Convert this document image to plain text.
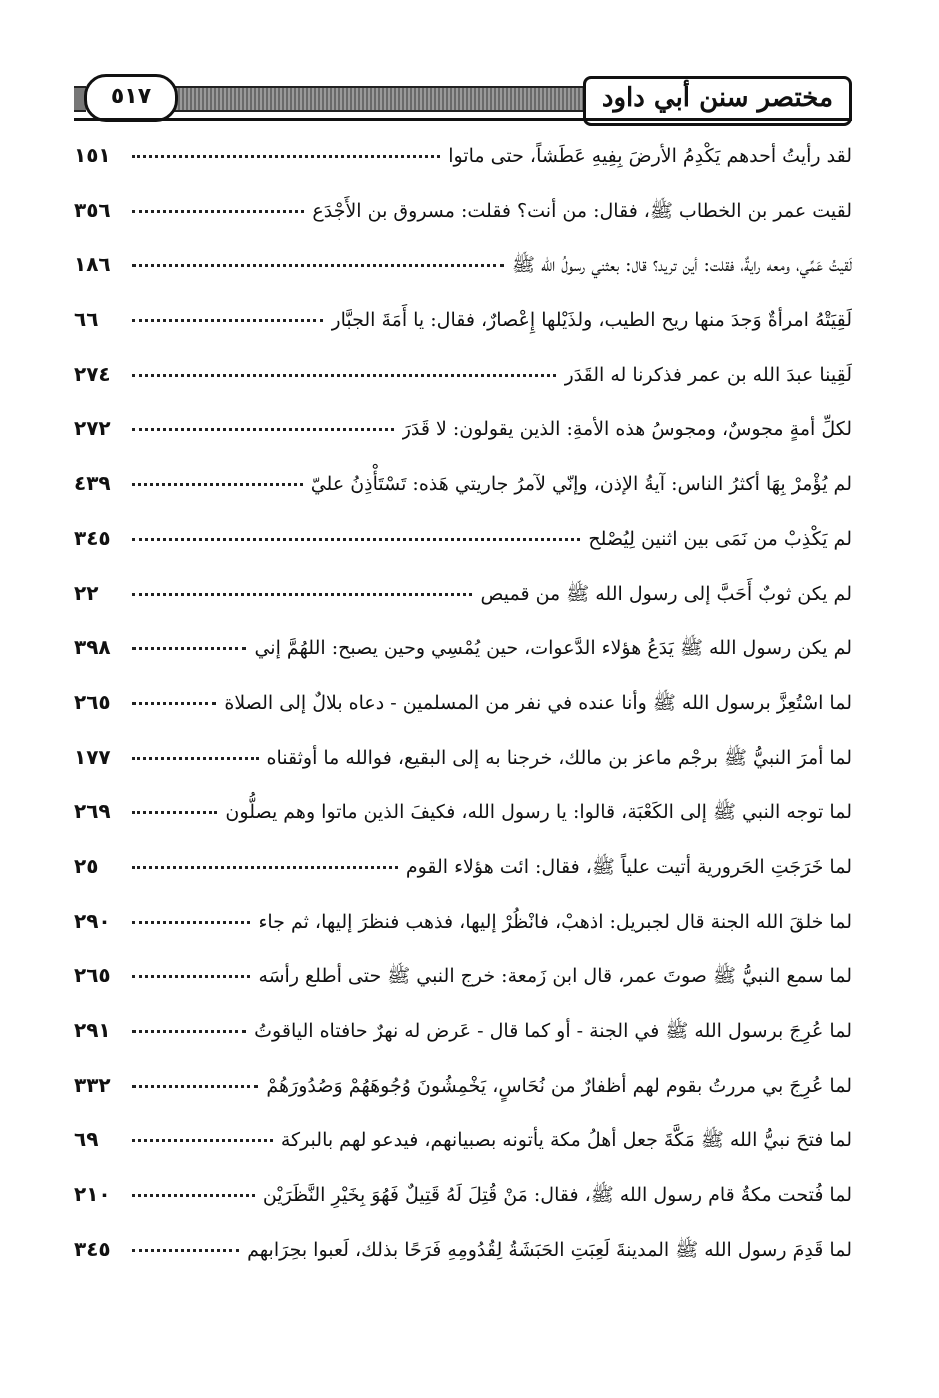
٥١٧	مختصر سنن أبي داود
لقد رأيتُ أحدهم يَكْدِمُ الأرضَ بِفِيهِ عَطَشاً، حتى ماتوا
١٥١
لقيت عمر بن الخطاب ﷺ، فقال: من أنت؟ فقلت: مسروق بن الأَجْدَع
٣٥٦
لَقيتُ عَمِّي، ومعه رايةٌ، فقلت: أين تريد؟ قال: بعثني رسولُ الله ﷺ
١٨٦
لَقِيَتْهُ امرأةٌ وَجدَ منها ريح الطيب، ولذَيْلها إِعْصارٌ، فقال: يا أَمَةَ الجبَّار
٦٦
لَقِينا عبدَ الله بن عمر فذكرنا له القَدَر
٢٧٤
لكلِّ أمةٍ مجوسٌ، ومجوسُ هذه الأمةِ: الذين يقولون: لا قَدَرَ
٢٧٢
لم يُؤْمرْ بِهَا أكثرُ الناس: آيةُ الإذن، وإنّي لآمرُ جاريتي هَذه: تَسْتَأْذِنُ عليّ
٤٣٩
لم يَكْذِبْ من نَمَى بين اثنين لِيُصْلح
٣٤٥
لم يكن ثوبٌ أَحَبَّ إلى رسول الله ﷺ من قميص
٢٢
لم يكن رسول الله ﷺ يَدَعُ هؤلاء الدَّعوات، حين يُمْسِي وحين يصبح: اللهُمَّ إني
٣٩٨
لما اسْتُعِزَّ برسول الله ﷺ وأنا عنده في نفر من المسلمين - دعاه بلالٌ إلى الصلاة
٢٦٥
لما أمرَ النبيُّ ﷺ برجْم ماعز بن مالك، خرجنا به إلى البقيع، فوالله ما أوثقناه
١٧٧
لما توجه النبي ﷺ إلى الكَعْبَة، قالوا: يا رسول الله، فكيفَ الذين ماتوا وهم يصلُّون
٢٦٩
لما خَرَجَتِ الحَرورية أتيت علياً ﷺ، فقال: ائت هؤلاء القوم
٢٥
لما خلقَ الله الجنة قال لجبريل: اذهبْ، فانْظُرْ إليها، فذهب فنظرَ إليها، ثم جاء
٢٩٠
لما سمع النبيُّ ﷺ صوتَ عمر، قال ابن زَمعة: خرج النبي ﷺ حتى أطلع رأسَه
٢٦٥
لما عُرِجَ برسول الله ﷺ في الجنة - أو كما قال - عَرض له نهرٌ حافتاه الياقوتُ
٢٩١
لما عُرِجَ بي مررتُ بقوم لهم أظفارٌ من نُحَاسٍ، يَخْمِشُونَ وُجُوهَهُمْ وَصُدُورَهُمْ
٣٣٢
لما فتحَ نبيُّ الله ﷺ مَكَّةَ جعل أهلُ مكة يأتونه بصبيانهم، فيدعو لهم بالبركة
٦٩
لما فُتحت مكةُ قام رسول الله ﷺ، فقال: مَنْ قُتِلَ لَهُ قَتِيلٌ فَهُوَ بِخَيْرِ النَّظَرَيْن
٢١٠
لما قَدِمَ رسول الله ﷺ المدينةَ لَعِبَتِ الحَبَشَةُ لِقُدُومِهِ فَرَحًا بذلك، لَعبوا بحِرَابهم
٣٤٥
